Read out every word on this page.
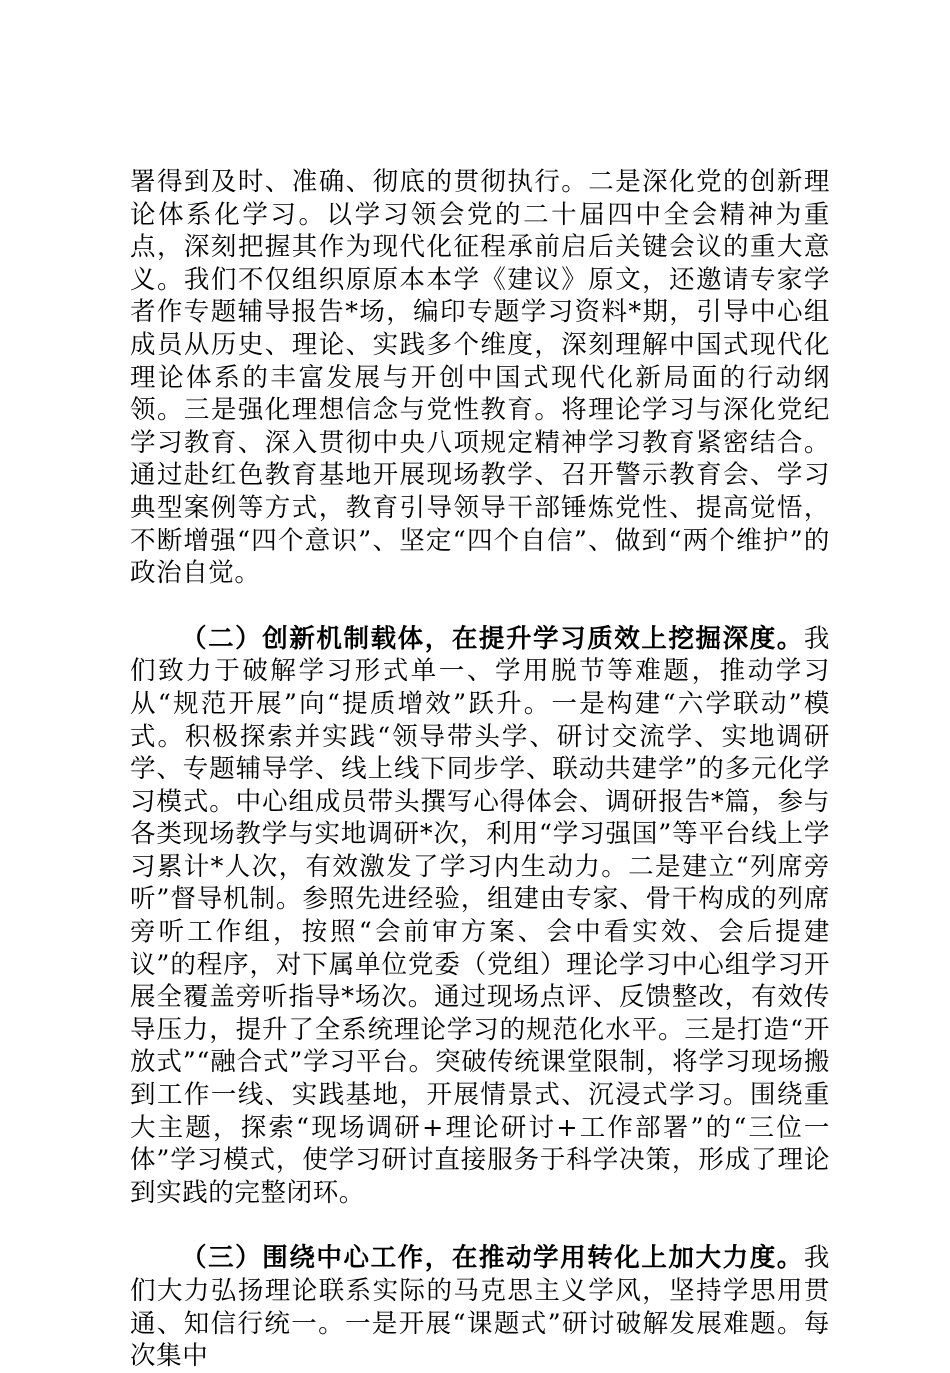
署得到及时、准确、彻底的贯彻执行。二是深化党的创新理论体系化学习。以学习领会党的二十届四中全会精神为重点，深刻把握其作为现代化征程承前启后关键会议的重大意义。我们不仅组织原原本本学《建议》原文，还邀请专家学者作专题辅导报告*场，编印专题学习资料*期，引导中心组成员从历史、理论、实践多个维度，深刻理解中国式现代化理论体系的丰富发展与开创中国式现代化新局面的行动纲领。三是强化理想信念与党性教育。将理论学习与深化党纪学习教育、深入贯彻中央八项规定精神学习教育紧密结合。通过赴红色教育基地开展现场教学、召开警示教育会、学习典型案例等方式，教育引导领导干部锤炼党性、提高觉悟，不断增强“四个意识”、坚定“四个自信”、做到“两个维护”的政治自觉。

（二）创新机制载体，在提升学习质效上挖掘深度。我们致力于破解学习形式单一、学用脱节等难题，推动学习从“规范开展”向“提质增效”跃升。一是构建“六学联动”模式。积极探索并实践“领导带头学、研讨交流学、实地调研学、专题辅导学、线上线下同步学、联动共建学”的多元化学习模式。中心组成员带头撰写心得体会、调研报告*篇，参与各类现场教学与实地调研*次，利用“学习强国”等平台线上学习累计*人次，有效激发了学习内生动力。二是建立“列席旁听”督导机制。参照先进经验，组建由专家、骨干构成的列席旁听工作组，按照“会前审方案、会中看实效、会后提建议”的程序，对下属单位党委（党组）理论学习中心组学习开展全覆盖旁听指导*场次。通过现场点评、反馈整改，有效传导压力，提升了全系统理论学习的规范化水平。三是打造“开放式”“融合式”学习平台。突破传统课堂限制，将学习现场搬到工作一线、实践基地，开展情景式、沉浸式学习。围绕重大主题，探索“现场调研+理论研讨+工作部署”的“三位一体”学习模式，使学习研讨直接服务于科学决策，形成了理论到实践的完整闭环。

（三）围绕中心工作，在推动学用转化上加大力度。我们大力弘扬理论联系实际的马克思主义学风，坚持学思用贯通、知信行统一。一是开展“课题式”研讨破解发展难题。每次集中
